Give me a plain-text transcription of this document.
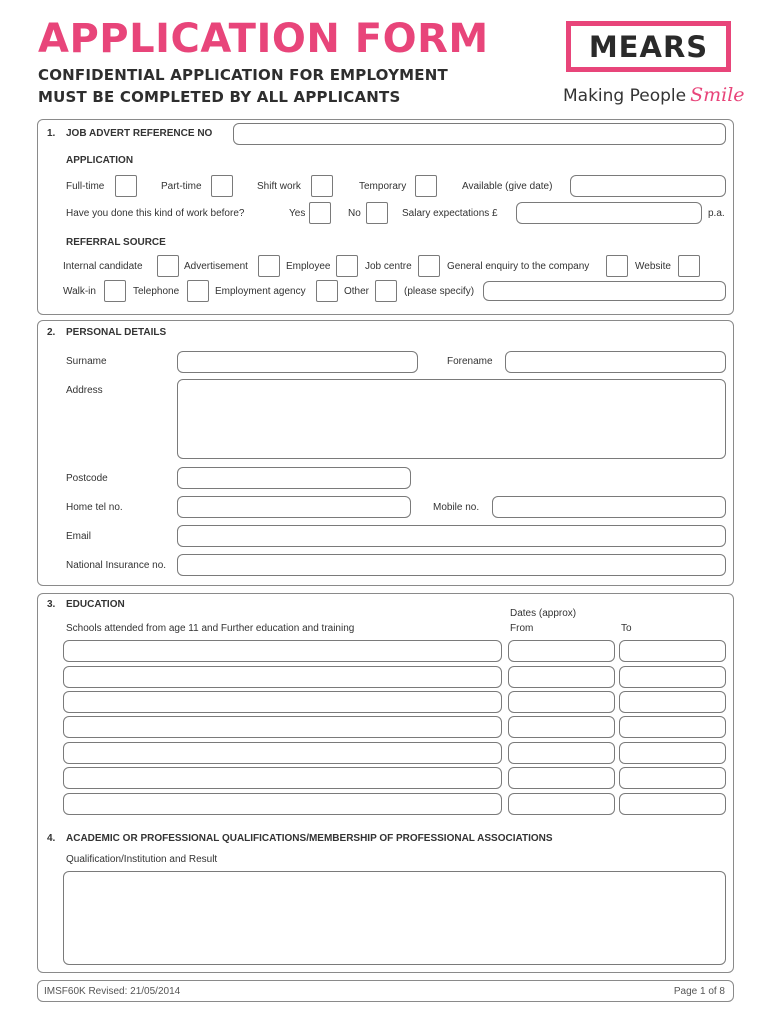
APPLICATION FORM
CONFIDENTIAL APPLICATION FOR EMPLOYMENT
MUST BE COMPLETED BY ALL APPLICANTS
MEARS
Making People Smile
1. JOB ADVERT REFERENCE NO
APPLICATION
Full-time	Part-time	Shift work	Temporary	Available (give date)
Have you done this kind of work before?	Yes	No	Salary expectations £	p.a.
REFERRAL SOURCE
Internal candidate	Advertisement	Employee	Job centre	General enquiry to the company	Website
Walk-in	Telephone	Employment agency	Other	(please specify)
2. PERSONAL DETAILS
Surname	Forename
Address
Postcode
Home tel no.	Mobile no.
Email
National Insurance no.
3. EDUCATION
Dates (approx)
Schools attended from age 11 and Further education and training	From	To
4. ACADEMIC OR PROFESSIONAL QUALIFICATIONS/MEMBERSHIP OF PROFESSIONAL ASSOCIATIONS
Qualification/Institution and Result
IMSF60K Revised: 21/05/2014	Page 1 of 8
